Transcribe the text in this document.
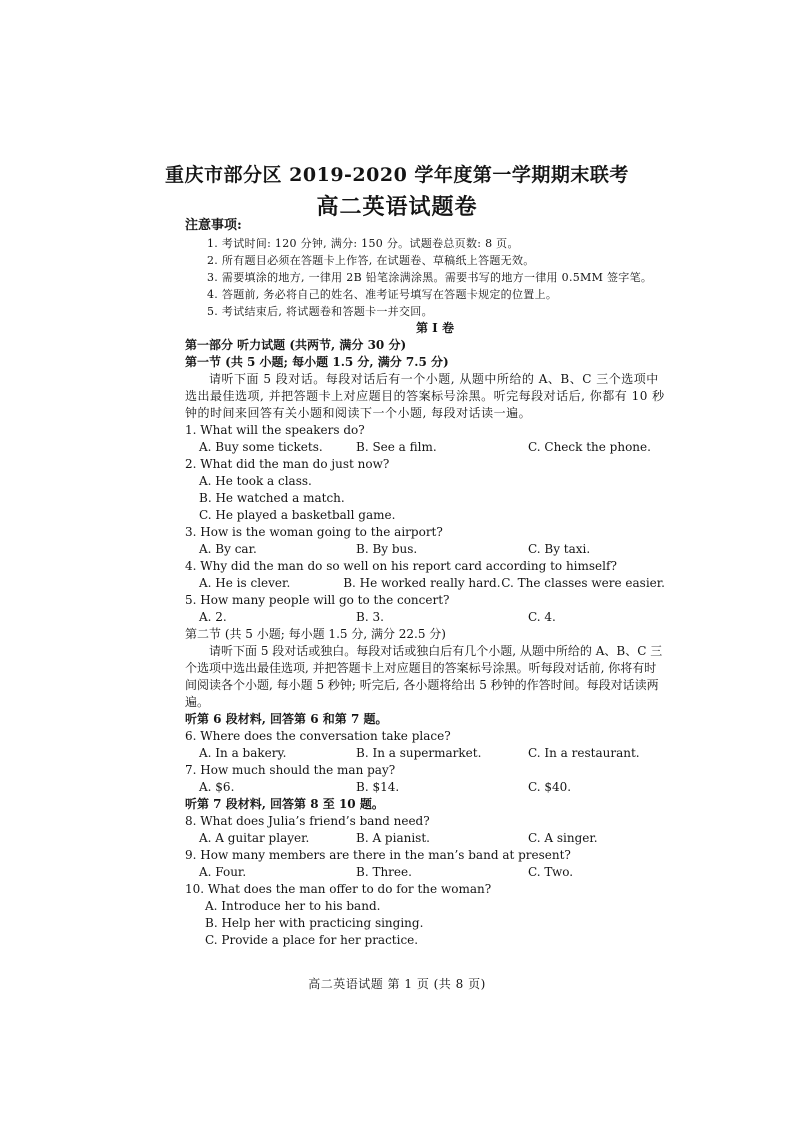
重庆市部分区 2019-2020 学年度第一学期期末联考
高二英语试题卷
注意事项:
1. 考试时间: 120 分钟, 满分: 150 分。试题卷总页数: 8 页。
2. 所有题目必须在答题卡上作答, 在试题卷、草稿纸上答题无效。
3. 需要填涂的地方, 一律用 2B 铅笔涂满涂黑。需要书写的地方一律用 0.5MM 签字笔。
4. 答题前, 务必将自己的姓名、准考证号填写在答题卡规定的位置上。
5. 考试结束后, 将试题卷和答题卡一并交回。
第 I 卷
第一部分 听力试题 (共两节, 满分 30 分)
第一节 (共 5 小题; 每小题 1.5 分, 满分 7.5 分)
请听下面 5 段对话。每段对话后有一个小题, 从题中所给的 A、B、C 三个选项中选出最佳选项, 并把答题卡上对应题目的答案标号涂黑。听完每段对话后, 你都有 10 秒钟的时间来回答有关小题和阅读下一个小题, 每段对话读一遍。
1. What will the speakers do?
A. Buy some tickets.	B. See a film.	C. Check the phone.
2. What did the man do just now?
A. He took a class.
B. He watched a match.
C. He played a basketball game.
3. How is the woman going to the airport?
A. By car.	B. By bus.	C. By taxi.
4. Why did the man do so well on his report card according to himself?
A. He is clever.	B. He worked really hard. C. The classes were easier.
5. How many people will go to the concert?
A. 2.	B. 3.	C. 4.
第二节 (共 5 小题; 每小题 1.5 分, 满分 22.5 分)
请听下面 5 段对话或独白。每段对话或独白后有几个小题, 从题中所给的 A、B、C 三个选项中选出最佳选项, 并把答题卡上对应题目的答案标号涂黑。听每段对话前, 你将有时间阅读各个小题, 每小题 5 秒钟; 听完后, 各小题将给出 5 秒钟的作答时间。每段对话读两遍。
听第 6 段材料, 回答第 6 和第 7 题。
6. Where does the conversation take place?
A. In a bakery.	B. In a supermarket.	C. In a restaurant.
7. How much should the man pay?
A. $6.	B. $14.	C. $40.
听第 7 段材料, 回答第 8 至 10 题。
8. What does Julia’s friend’s band need?
A. A guitar player.	B. A pianist.	C. A singer.
9. How many members are there in the man’s band at present?
A. Four.	B. Three.	C. Two.
10. What does the man offer to do for the woman?
A. Introduce her to his band.
B. Help her with practicing singing.
C. Provide a place for her practice.
高二英语试题 第 1 页 (共 8 页)
